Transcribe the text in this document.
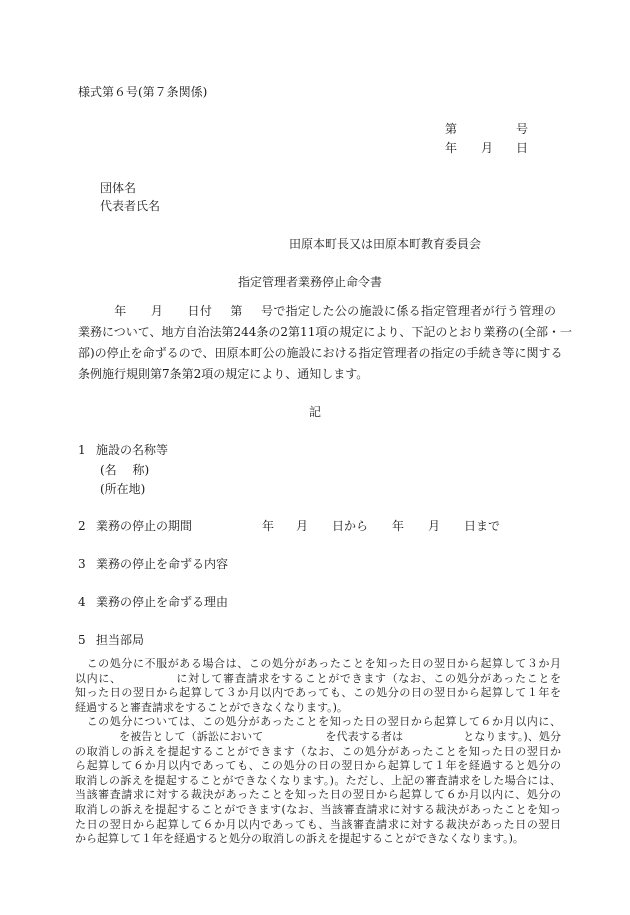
様式第６号(第７条関係)
第	号
年 月 日
団体名
代表者氏名
田原本町長又は田原本町教育委員会
指定管理者業務停止命令書
年 月 日付 第 号で指定した公の施設に係る指定管理者が行う管理の
業務について、地方自治法第244条の2第11項の規定により、下記のとおり業務の(全部・一
部)の停止を命ずるので、田原本町公の施設における指定管理者の指定の手続き等に関する
条例施行規則第7条第2項の規定により、通知します。
記
1 施設の名称等
(名　 称)
(所在地)
2 業務の停止の期間	年 月 日から 年 月 日まで
3 業務の停止を命ずる内容
4 業務の停止を命ずる理由
5 担当部局
この処分に不服がある場合は、この処分があったことを知った日の翌日から起算して３か月
以内に、	に対して審査請求をすることができます（なお、この処分があったことを
知った日の翌日から起算して３か月以内であっても、この処分の日の翌日から起算して１年を
経過すると審査請求をすることができなくなります。)。
この処分については、この処分があったことを知った日の翌日から起算して６か月以内に、
を被告として（訴訟において	を代表する者は	となります。)、処分
の取消しの訴えを提起することができます（なお、この処分があったことを知った日の翌日か
ら起算して６か月以内であっても、この処分の日の翌日から起算して１年を経過すると処分の
取消しの訴えを提起することができなくなります。)。ただし、上記の審査請求をした場合には、
当該審査請求に対する裁決があったことを知った日の翌日から起算して６か月以内に、処分の
取消しの訴えを提起することができます(なお、当該審査請求に対する裁決があったことを知っ
た日の翌日から起算して６か月以内であっても、当該審査請求に対する裁決があった日の翌日
から起算して１年を経過すると処分の取消しの訴えを提起することができなくなります。)。
